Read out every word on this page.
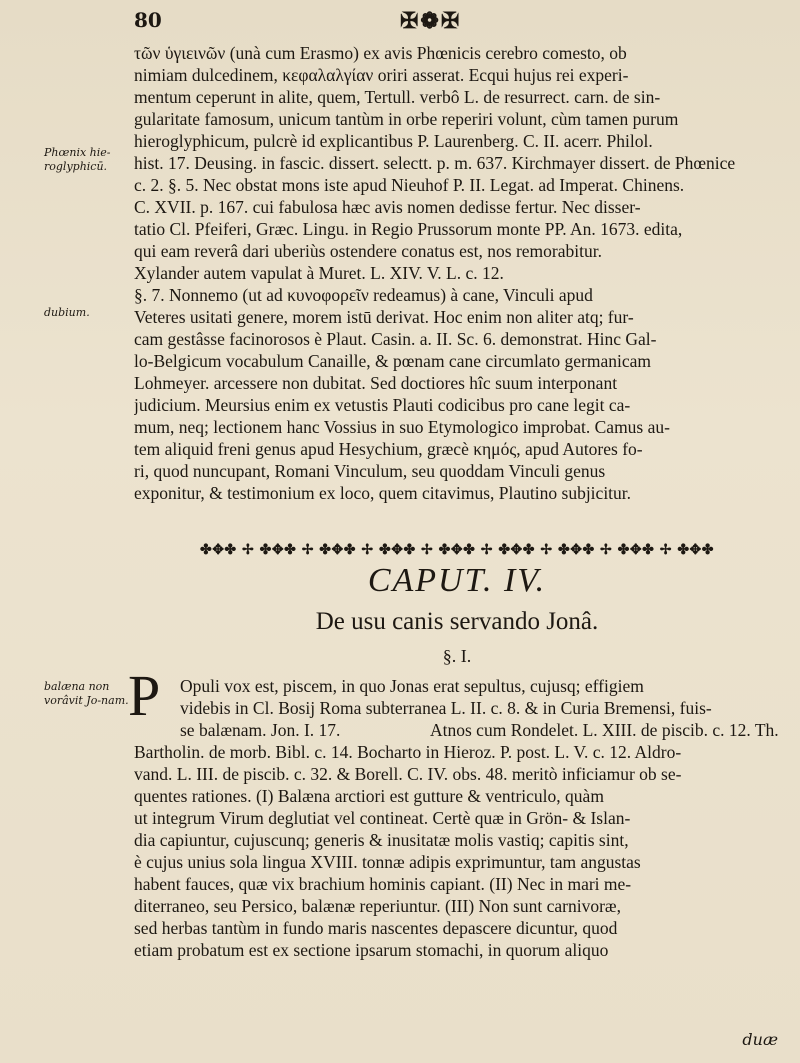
80	✠❁✠
Phœnix hie-roglyphicū.
dubium.
balæna non vorâvit Jo-nam.
τῶν ὑγιεινῶν (unà cum Erasmo) ex avis Phœnicis cerebro comesto, ob
nimiam dulcedinem, κεφαλαλγίαν oriri asserat. Ecqui hujus rei experi-
mentum ceperunt in alite, quem, Tertull. verbô L. de resurrect. carn. de sin-
gularitate famosum, unicum tantùm in orbe reperiri volunt, cùm tamen purum
hieroglyphicum, pulcrè id explicantibus P. Laurenberg. C. II. acerr. Philol.
hist. 17. Deusing. in fascic. dissert. selectt. p. m. 637. Kirchmayer dissert. de Phœnice
c. 2. §. 5. Nec obstat mons iste apud Nieuhof P. II. Legat. ad Imperat. Chinens.
C. XVII. p. 167. cui fabulosa hæc avis nomen dedisse fertur. Nec disser-
tatio Cl. Pfeiferi, Græc. Lingu. in Regio Prussorum monte PP. An. 1673. edita,
qui eam reverâ dari uberiùs ostendere conatus est, nos remorabitur.
Xylander autem vapulat à Muret. L. XIV. V. L. c. 12.
§. 7. Nonnemo (ut ad κυνοφορεῖν redeamus) à cane, Vinculi apud
Veteres usitati genere, morem istū derivat. Hoc enim non aliter atq; fur-
cam gestâsse facinorosos è Plaut. Casin. a. II. Sc. 6. demonstrat. Hinc Gal-
lo-Belgicum vocabulum Canaille, & pœnam cane circumlato germanicam
Lohmeyer. arcessere non dubitat. Sed doctiores hîc suum interponant
judicium. Meursius enim ex vetustis Plauti codicibus pro cane legit ca-
mum, neq; lectionem hanc Vossius in suo Etymologico improbat. Camus au-
tem aliquid freni genus apud Hesychium, græcè κημός, apud Autores fo-
ri, quod nuncupant, Romani Vinculum, seu quoddam Vinculi genus
exponitur, & testimonium ex loco, quem citavimus, Plautino subjicitur.
✤✥✤ ✢ ✤✥✤ ✢ ✤✥✤ ✢ ✤✥✤ ✢ ✤✥✤ ✢ ✤✥✤ ✢ ✤✥✤ ✢ ✤✥✤ ✢ ✤✥✤
CAPUT. IV.
De usu canis servando Jonâ.
§. I.
P Opuli vox est, piscem, in quo Jonas erat sepultus, cujusq; effigiem
videbis in Cl. Bosij Roma subterranea L. II. c. 8. & in Curia Bremensi, fuis-
se balænam. Jon. I. 17.	Atnos cum Rondelet. L. XIII. de piscib. c. 12. Th.
Bartholin. de morb. Bibl. c. 14. Bocharto in Hieroz. P. post. L. V. c. 12. Aldro-
vand. L. III. de piscib. c. 32. & Borell. C. IV. obs. 48. meritò inficiamur ob se-
quentes rationes. (I) Balæna arctiori est gutture & ventriculo, quàm
ut integrum Virum deglutiat vel contineat. Certè quæ in Grön- & Islan-
dia capiuntur, cujuscunq; generis & inusitatæ molis vastiq; capitis sint,
è cujus unius sola lingua XVIII. tonnæ adipis exprimuntur, tam angustas
habent fauces, quæ vix brachium hominis capiant. (II) Nec in mari me-
diterraneo, seu Persico, balænæ reperiuntur. (III) Non sunt carnivoræ,
sed herbas tantùm in fundo maris nascentes depascere dicuntur, quod
etiam probatum est ex sectione ipsarum stomachi, in quorum aliquo
duæ
